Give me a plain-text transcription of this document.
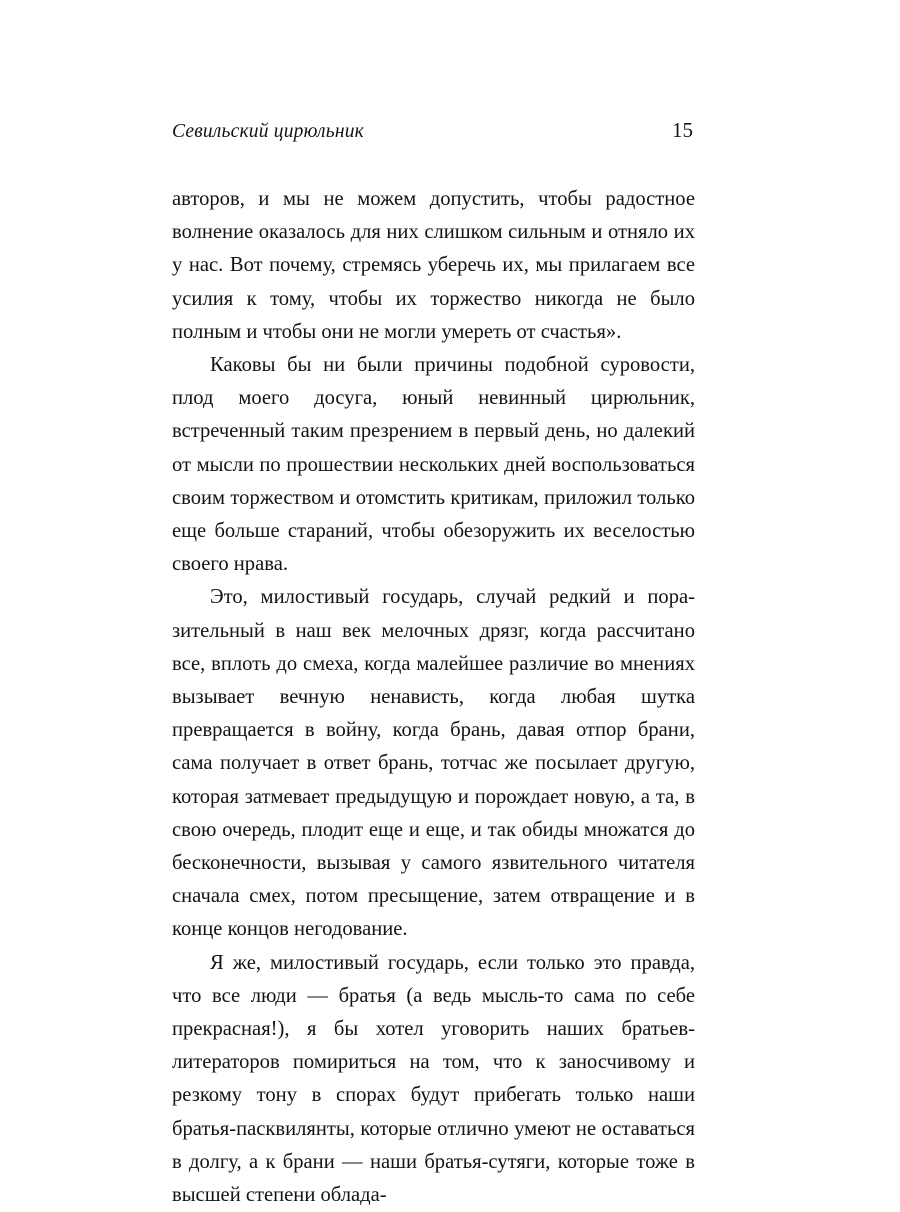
Севильский цирюльник	15

авторов, и мы не можем допустить, чтобы радостное волнение оказалось для них слишком сильным и отняло их у нас. Вот почему, стремясь уберечь их, мы прилагаем все усилия к тому, чтобы их торжество никогда не было полным и чтобы они не могли умереть от счастья».

Каковы бы ни были причины подобной суровости, плод моего досуга, юный невинный цирюльник, встреченный таким презрением в первый день, но далекий от мысли по прошествии нескольких дней воспользоваться своим торжеством и отомстить критикам, приложил только еще больше стараний, чтобы обезоружить их веселостью своего нрава.

Это, милостивый государь, случай редкий и поразительный в наш век мелочных дрязг, когда рассчитано все, вплоть до смеха, когда малейшее различие во мнениях вызывает вечную ненависть, когда любая шутка превращается в войну, когда брань, давая отпор брани, сама получает в ответ брань, тотчас же посылает другую, которая затмевает предыдущую и порождает новую, а та, в свою очередь, плодит еще и еще, и так обиды множатся до бесконечности, вызывая у самого язвительного читателя сначала смех, потом пресыщение, затем отвращение и в конце концов негодование.

Я же, милостивый государь, если только это правда, что все люди — братья (а ведь мысль-то сама по себе прекрасная!), я бы хотел уговорить наших братьев-литераторов помириться на том, что к заносчивому и резкому тону в спорах будут прибегать только наши братья-пасквилянты, которые отлично умеют не оставаться в долгу, а к брани — наши братья-сутяги, которые тоже в высшей степени облада-
